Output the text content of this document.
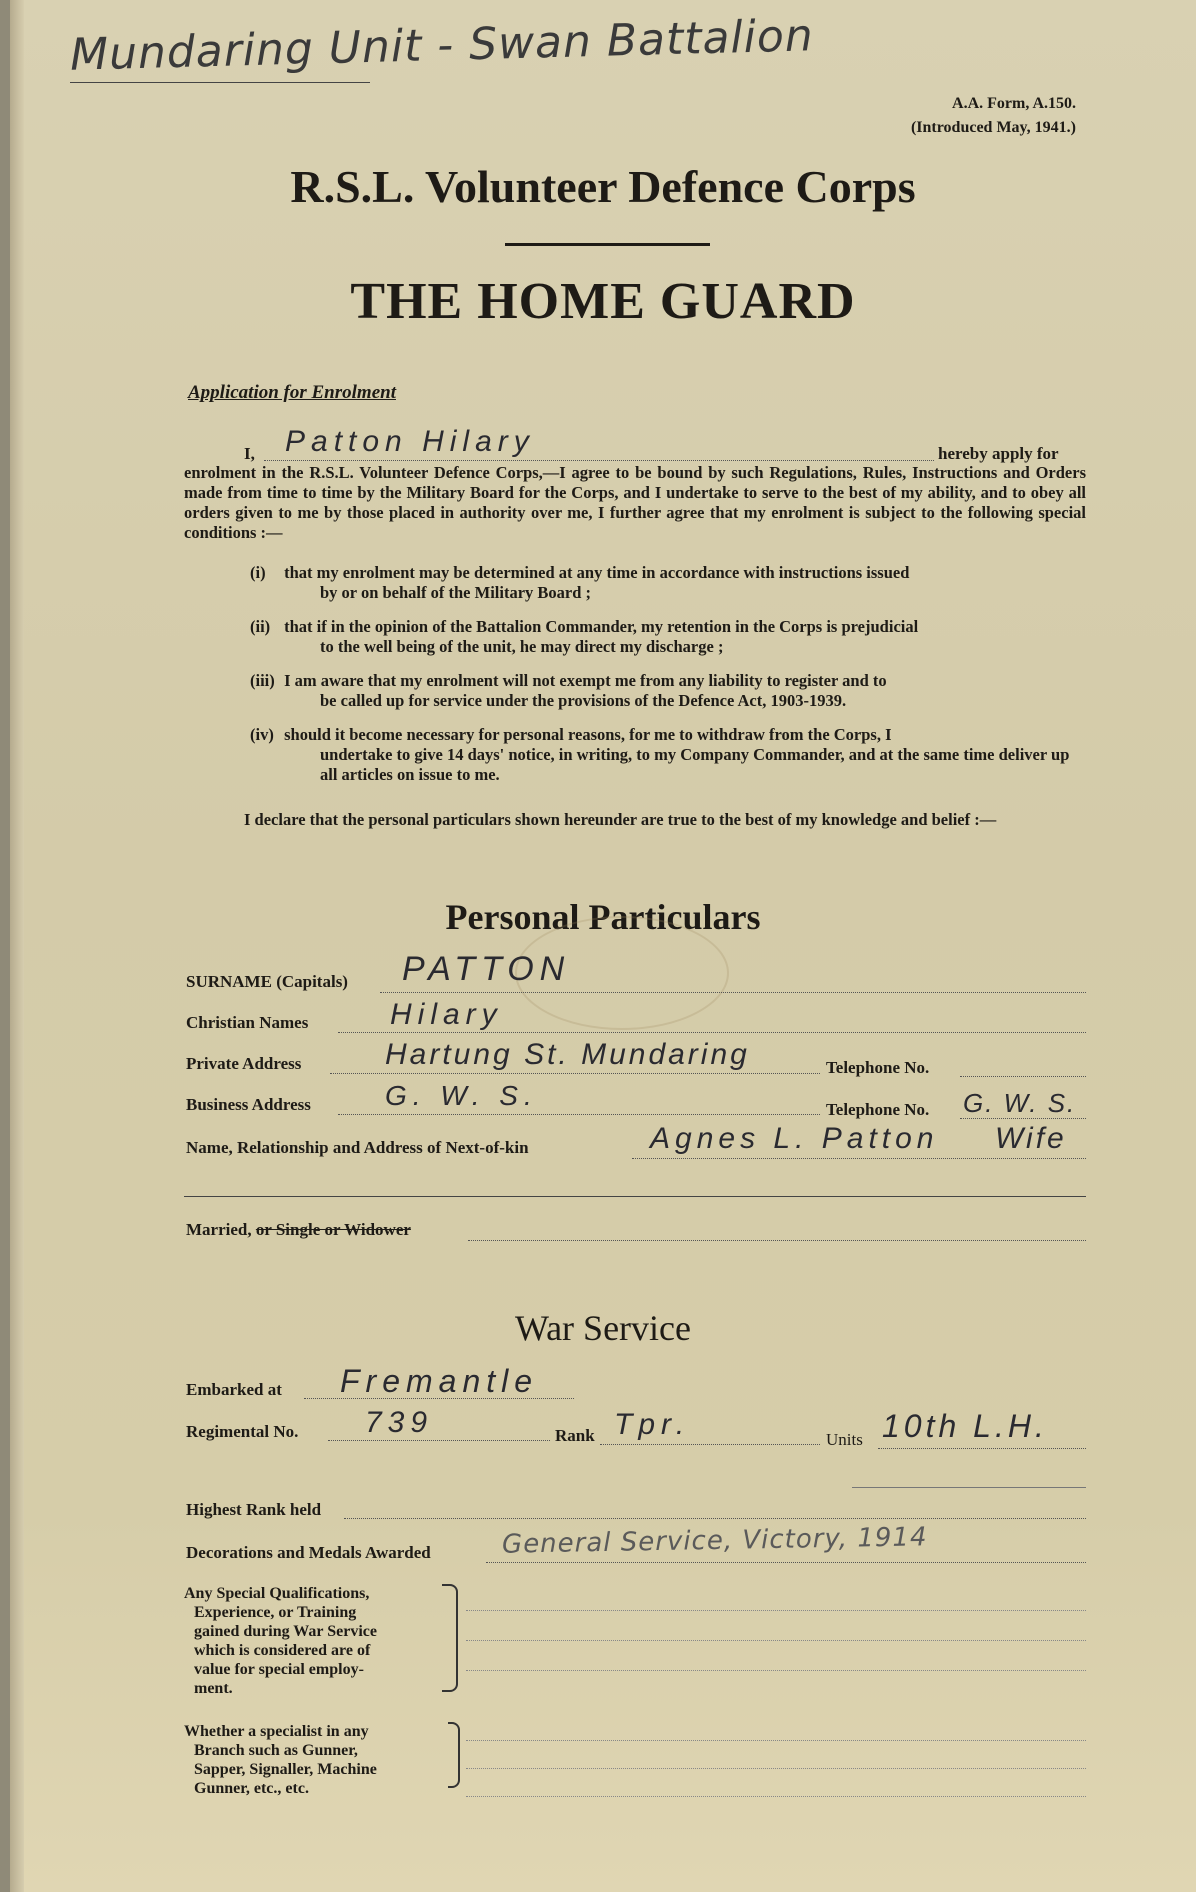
Mundaring Unit - Swan Battalion
A.A. Form, A.150.
(Introduced May, 1941.)
R.S.L. Volunteer Defence Corps
THE HOME GUARD
Application for Enrolment
I, Patton Hilary	hereby apply for
enrolment in the R.S.L. Volunteer Defence Corps,—I agree to be bound by such Regulations, Rules, Instructions and Orders made from time to time by the Military Board for the Corps, and I undertake to serve to the best of my ability, and to obey all orders given to me by those placed in authority over me, I further agree that my enrolment is subject to the following special conditions :—
(i) that my enrolment may be determined at any time in accordance with instructions issued
by or on behalf of the Military Board ;
(ii) that if in the opinion of the Battalion Commander, my retention in the Corps is prejudicial
to the well being of the unit, he may direct my discharge ;
(iii) I am aware that my enrolment will not exempt me from any liability to register and to
be called up for service under the provisions of the Defence Act, 1903-1939.
(iv) should it become necessary for personal reasons, for me to withdraw from the Corps, I
undertake to give 14 days' notice, in writing, to my Company Commander, and at the same time deliver up all articles on issue to me.
I declare that the personal particulars shown hereunder are true to the best of my knowledge and belief :—
Personal Particulars
SURNAME (Capitals) PATTON
Christian Names	Hilary
Private Address	Hartung St. Mundaring	Telephone No.
Business Address	G. W. S.	Telephone No. G. W. S.
Name, Relationship and Address of Next-of-kin	Agnes L. Patton Wife
Married, or Single or Widower
War Service
Embarked at Fremantle
Regimental No. 739	Rank Tpr.	Units 10th L.H.
Highest Rank held
Decorations and Medals Awarded	General Service, Victory, 1914
Any Special Qualifications,
Experience, or Training
gained during War Service
which is considered are of
value for special employ-
ment.
Whether a specialist in any
Branch such as Gunner,
Sapper, Signaller, Machine
Gunner, etc., etc.
